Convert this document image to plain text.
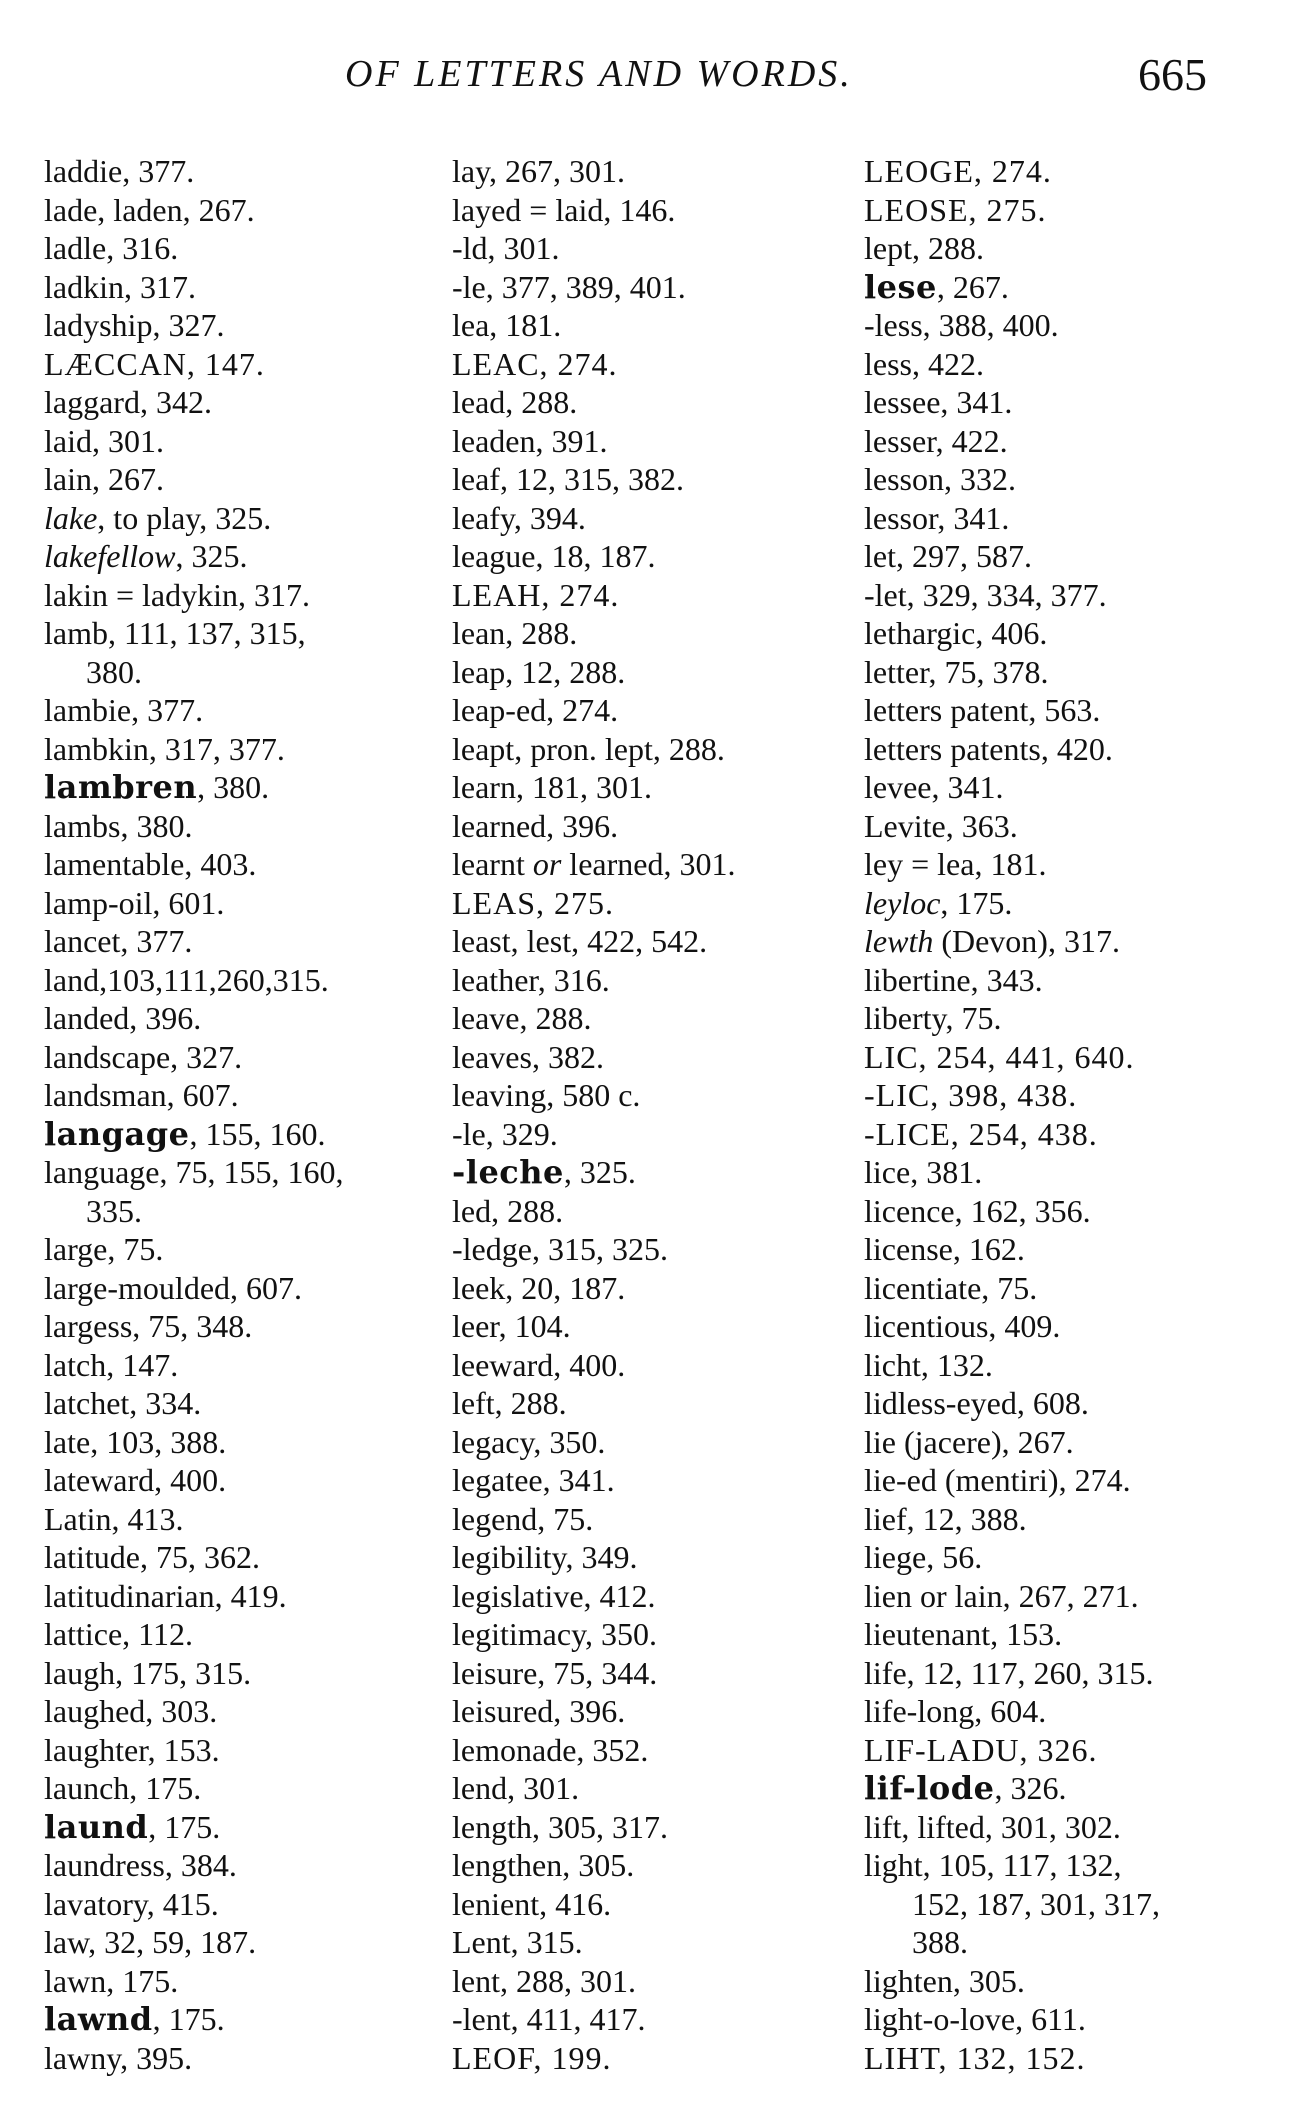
OF LETTERS AND WORDS.	665
laddie, 377.
lade, laden, 267.
ladle, 316.
ladkin, 317.
ladyship, 327.
LÆCCAN, 147.
laggard, 342.
laid, 301.
lain, 267.
lake, to play, 325.
lakefellow, 325.
lakin = ladykin, 317.
lamb, 111, 137, 315,
380.
lambie, 377.
lambkin, 317, 377.
lambren, 380.
lambs, 380.
lamentable, 403.
lamp-oil, 601.
lancet, 377.
land,103,111,260,315.
landed, 396.
landscape, 327.
landsman, 607.
langage, 155, 160.
language, 75, 155, 160,
335.
large, 75.
large-moulded, 607.
largess, 75, 348.
latch, 147.
latchet, 334.
late, 103, 388.
lateward, 400.
Latin, 413.
latitude, 75, 362.
latitudinarian, 419.
lattice, 112.
laugh, 175, 315.
laughed, 303.
laughter, 153.
launch, 175.
laund, 175.
laundress, 384.
lavatory, 415.
law, 32, 59, 187.
lawn, 175.
lawnd, 175.
lawny, 395.
lay, 267, 301.
layed = laid, 146.
-ld, 301.
-le, 377, 389, 401.
lea, 181.
LEAC, 274.
lead, 288.
leaden, 391.
leaf, 12, 315, 382.
leafy, 394.
league, 18, 187.
LEAH, 274.
lean, 288.
leap, 12, 288.
leap-ed, 274.
leapt, pron. lept, 288.
learn, 181, 301.
learned, 396.
learnt or learned, 301.
LEAS, 275.
least, lest, 422, 542.
leather, 316.
leave, 288.
leaves, 382.
leaving, 580 c.
-le, 329.
-leche, 325.
led, 288.
-ledge, 315, 325.
leek, 20, 187.
leer, 104.
leeward, 400.
left, 288.
legacy, 350.
legatee, 341.
legend, 75.
legibility, 349.
legislative, 412.
legitimacy, 350.
leisure, 75, 344.
leisured, 396.
lemonade, 352.
lend, 301.
length, 305, 317.
lengthen, 305.
lenient, 416.
Lent, 315.
lent, 288, 301.
-lent, 411, 417.
LEOF, 199.
LEOGE, 274.
LEOSE, 275.
lept, 288.
lese, 267.
-less, 388, 400.
less, 422.
lessee, 341.
lesser, 422.
lesson, 332.
lessor, 341.
let, 297, 587.
-let, 329, 334, 377.
lethargic, 406.
letter, 75, 378.
letters patent, 563.
letters patents, 420.
levee, 341.
Levite, 363.
ley = lea, 181.
leyloc, 175.
lewth (Devon), 317.
libertine, 343.
liberty, 75.
LIC, 254, 441, 640.
-LIC, 398, 438.
-LICE, 254, 438.
lice, 381.
licence, 162, 356.
license, 162.
licentiate, 75.
licentious, 409.
licht, 132.
lidless-eyed, 608.
lie (jacere), 267.
lie-ed (mentiri), 274.
lief, 12, 388.
liege, 56.
lien or lain, 267, 271.
lieutenant, 153.
life, 12, 117, 260, 315.
life-long, 604.
LIF-LADU, 326.
lif-lode, 326.
lift, lifted, 301, 302.
light, 105, 117, 132,
152, 187, 301, 317,
388.
lighten, 305.
light-o-love, 611.
LIHT, 132, 152.
